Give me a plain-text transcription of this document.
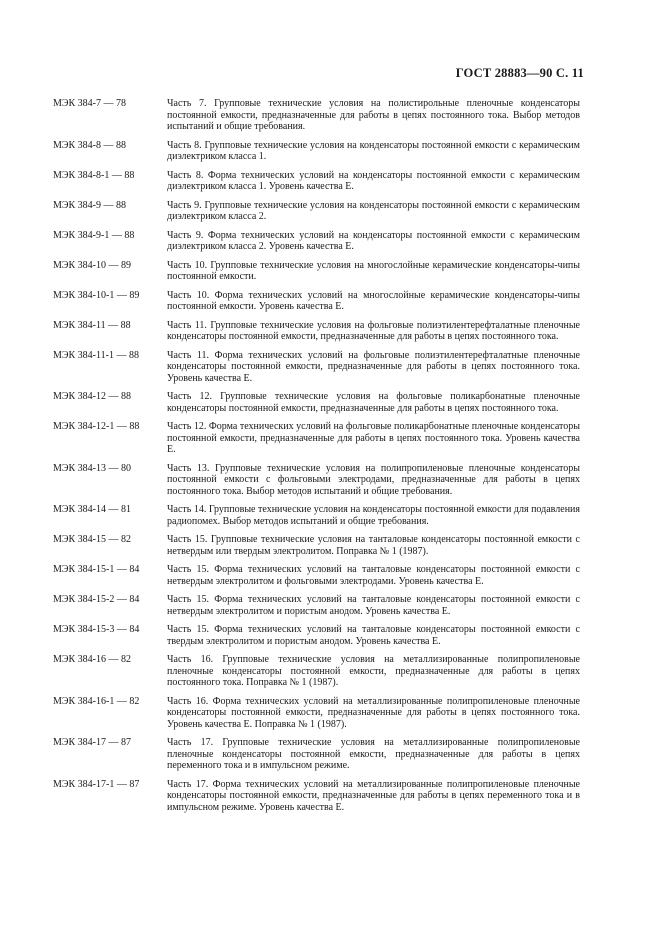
ГОСТ 28883—90 С. 11
МЭК 384-7 — 78	Часть 7. Групповые технические условия на полистирольные пленочные конденсаторы постоянной емкости, предназначенные для работы в цепях постоянного тока. Выбор методов испытаний и общие требования.
МЭК 384-8 — 88	Часть 8. Групповые технические условия на конденсаторы постоянной емкости с керамическим диэлектриком класса 1.
МЭК 384-8-1 — 88	Часть 8. Форма технических условий на конденсаторы постоянной емкости с керамическим диэлектриком класса 1. Уровень качества Е.
МЭК 384-9 — 88	Часть 9. Групповые технические условия на конденсаторы постоянной емкости с керамическим диэлектриком класса 2.
МЭК 384-9-1 — 88	Часть 9. Форма технических условий на конденсаторы постоянной емкости с керамическим диэлектриком класса 2. Уровень качества Е.
МЭК 384-10 — 89	Часть 10. Групповые технические условия на многослойные керамические конденсаторы-чипы постоянной емкости.
МЭК 384-10-1 — 89	Часть 10. Форма технических условий на многослойные керамические конденсаторы-чипы постоянной емкости. Уровень качества Е.
МЭК 384-11 — 88	Часть 11. Групповые технические условия на фольговые полиэтилентерефталатные пленочные конденсаторы постоянной емкости, предназначенные для работы в цепях постоянного тока.
МЭК 384-11-1 — 88	Часть 11. Форма технических условий на фольговые полиэтилентерефталатные пленочные конденсаторы постоянной емкости, предназначенные для работы в цепях постоянного тока. Уровень качества Е.
МЭК 384-12 — 88	Часть 12. Групповые технические условия на фольговые поликарбонатные пленочные конденсаторы постоянной емкости, предназначенные для работы в цепях постоянного тока.
МЭК 384-12-1 — 88	Часть 12. Форма технических условий на фольговые поликарбонатные пленочные конденсаторы постоянной емкости, предназначенные для работы в цепях постоянного тока. Уровень качества Е.
МЭК 384-13 — 80	Часть 13. Групповые технические условия на полипропиленовые пленочные конденсаторы постоянной емкости с фольговыми электродами, предназначенные для работы в цепях постоянного тока. Выбор методов испытаний и общие требования.
МЭК 384-14 — 81	Часть 14. Групповые технические условия на конденсаторы постоянной емкости для подавления радиопомех. Выбор методов испытаний и общие требования.
МЭК 384-15 — 82	Часть 15. Групповые технические условия на танталовые конденсаторы постоянной емкости с нетвердым или твердым электролитом. Поправка № 1 (1987).
МЭК 384-15-1 — 84	Часть 15. Форма технических условий на танталовые конденсаторы постоянной емкости с нетвердым электролитом и фольговыми электродами. Уровень качества Е.
МЭК 384-15-2 — 84	Часть 15. Форма технических условий на танталовые конденсаторы постоянной емкости с нетвердым электролитом и пористым анодом. Уровень качества Е.
МЭК 384-15-3 — 84	Часть 15. Форма технических условий на танталовые конденсаторы постоянной емкости с твердым электролитом и пористым анодом. Уровень качества Е.
МЭК 384-16 — 82	Часть 16. Групповые технические условия на металлизированные полипропиленовые пленочные конденсаторы постоянной емкости, предназначенные для работы в цепях постоянного тока. Поправка № 1 (1987).
МЭК 384-16-1 — 82	Часть 16. Форма технических условий на металлизированные полипропиленовые пленочные конденсаторы постоянной емкости, предназначенные для работы в цепях постоянного тока. Уровень качества Е. Поправка № 1 (1987).
МЭК 384-17 — 87	Часть 17. Групповые технические условия на металлизированные полипропиленовые пленочные конденсаторы постоянной емкости, предназначенные для работы в цепях переменного тока и в импульсном режиме.
МЭК 384-17-1 — 87	Часть 17. Форма технических условий на металлизированные полипропиленовые пленочные конденсаторы постоянной емкости, предназначенные для работы в цепях переменного тока и в импульсном режиме. Уровень качества Е.
